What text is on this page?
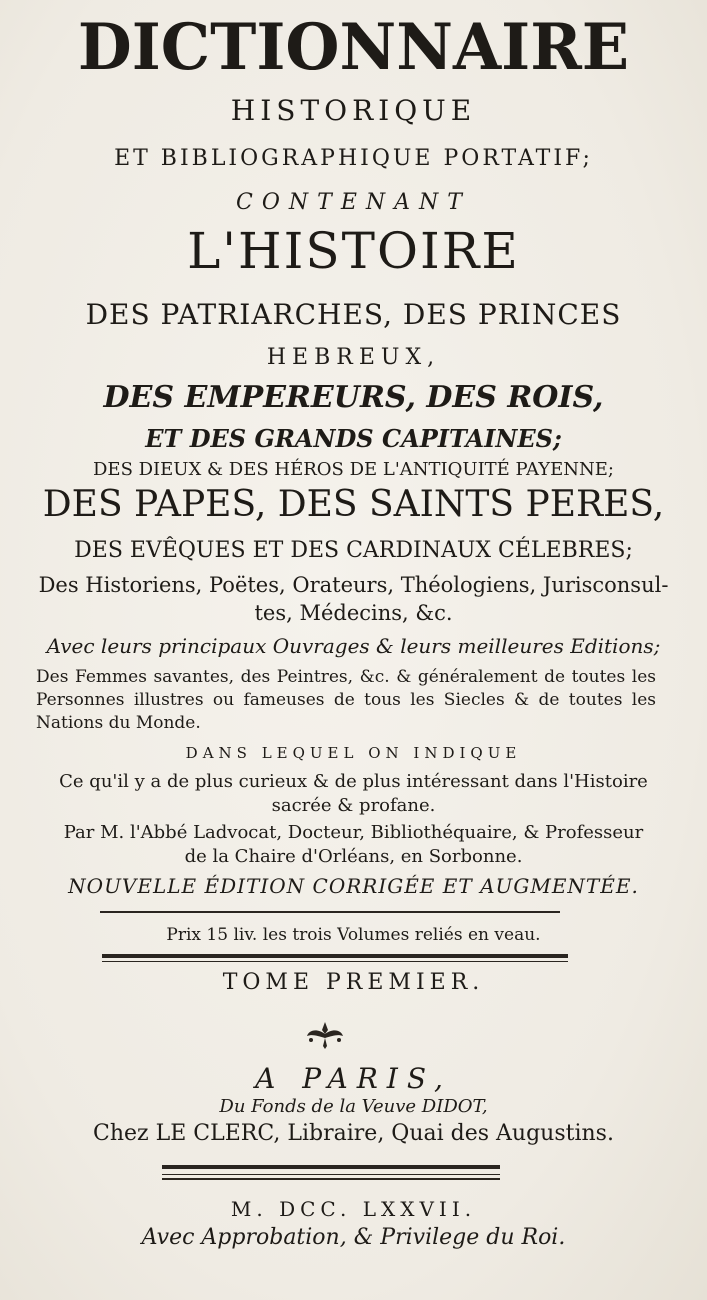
DICTIONNAIRE

HISTORIQUE

ET BIBLIOGRAPHIQUE PORTATIF;

CONTENANT

L'HISTOIRE

DES PATRIARCHES, DES PRINCES

HEBREUX,

DES EMPEREURS, DES ROIS,

ET DES GRANDS CAPITAINES;

DES DIEUX & DES HÉROS DE L'ANTIQUITÉ PAYENNE;

DES PAPES, DES SAINTS PERES,

DES EVÊQUES ET DES CARDINAUX CÉLEBRES;

Des Historiens, Poëtes, Orateurs, Théologiens, Jurisconsul-

tes, Médecins, &c.

Avec leurs principaux Ouvrages & leurs meilleures Editions;

Des Femmes savantes, des Peintres, &c. & généralement de toutes les Personnes illustres ou fameuses de tous les Siecles & de toutes les Nations du Monde.

DANS LEQUEL ON INDIQUE

Ce qu'il y a de plus curieux & de plus intéressant dans l'Histoire

sacrée & profane.

Par M. l'Abbé Ladvocat, Docteur, Bibliothéquaire, & Professeur

de la Chaire d'Orléans, en Sorbonne.

NOUVELLE ÉDITION CORRIGÉE ET AUGMENTÉE.

Prix 15 liv. les trois Volumes reliés en veau.

TOME PREMIER.

A PARIS,

Du Fonds de la Veuve DIDOT,

Chez LE CLERC, Libraire, Quai des Augustins.

M. DCC. LXXVII.

Avec Approbation, & Privilege du Roi.
